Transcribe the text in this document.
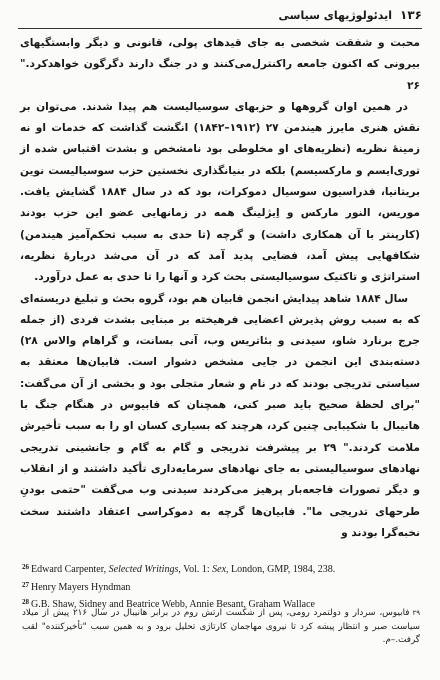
۱۳۶
ایدئولوژیهای سیاسی

محبت و شفقت شخصی به جای قیدهای پولی، قانونی و دیگر وابستگیهای بیرونی که اکنون جامعه راکنترل‌می‌کنند و در جنگ دارند دگرگون خواهدکرد." ۲۶

در همین اوان گروهها و حزبهای سوسیالیست هم پیدا شدند. می‌توان بر نقش هنری مایرز هیندمن ۲۷ (۱۹۱۲–۱۸۴۲) انگشت گذاشت که خدمات او نه زمینهٔ نظریه (نظریه‌های او مخلوطی بود نامشخص و بشدت اقتباس شده از توری‌ایسم و مارکسیسم) بلکه در بنیانگذاری نخستین حزب سوسیالیست نوین بریتانیا، فدراسیون سوسیال دموکرات، بود که در سال ۱۸۸۴ گشایش یافت. موریس، النور مارکس و اِیژلینگ همه در زمانهایی عضو این حزب بودند (کارپنتر با آن همکاری داشت) و گرچه (تا حدی به سبب تحکم‌آمیز هیندمن) شکافهایی پیش آمد، فضایی پدید آمد که در آن می‌شد دربارهٔ نظریه، استراتژی و تاکتیک سوسیالیستی بحث کرد و آنها را تا حدی به عمل درآورد.

سال ۱۸۸۴ شاهد پیدایش انجمن فابیان هم بود، گروه بحث و تبلیغ دریسته‌ای که به سبب روش پذیرش اعضایی فرهیخته بر مبنایی بشدت فردی (از جمله جرج برنارد شاو، سیدنی و بئاتریس وب، آنی بسانت، و گراهام والاس ۲۸) دسته‌بندی این انجمن در جایی مشخص دشوار است. فابیان‌ها معتقد به سیاستی تدریجی بودند که در نام و شعار متجلی بود و بخشی از آن می‌گفت: "برای لحظهٔ صحیح باید صبر کنی، همچنان که فابیوس در هنگام جنگ با هانیبال با شکیبایی چنین کرد، هرچند که بسیاری کسان او را به سبب تأخیرش ملامت کردند." ۲۹ بر پیشرفت تدریجی و گام به گام و جانشینی تدریجی نهادهای سوسیالیستی به جای نهادهای سرمایه‌داری تأکید داشتند و از انقلاب و دیگر تصورات فاجعه‌بار پرهیز می‌کردند سیدنی وب می‌گفت "حتمی بودنِ طرحهای تدریجی ما". فابیان‌ها گرچه به دموکراسی اعتقاد داشتند سخت نخبه‌گرا بودند و

$^{26}$ Edward Carpenter, Selected Writings, Vol. 1: Sex, London, GMP, 1984, 238.
$^{27}$ Henry Mayers Hyndman
$^{28}$ G.B. Shaw, Sidney and Beatrice Webb, Annie Besant, Graham Wallace
۲۹فابیوس، سردار و دولتمرد رومی، پس از شکست ارتش روم در برابر هانیبال در سال ۲۱۶ پیش از میلاد سیاست صبر و انتظار پیشه کرد تا نیروی مهاجمان کارتاژی تحلیل برود و به همین سبب "تأخیرکننده" لقب گرفت.–م.
